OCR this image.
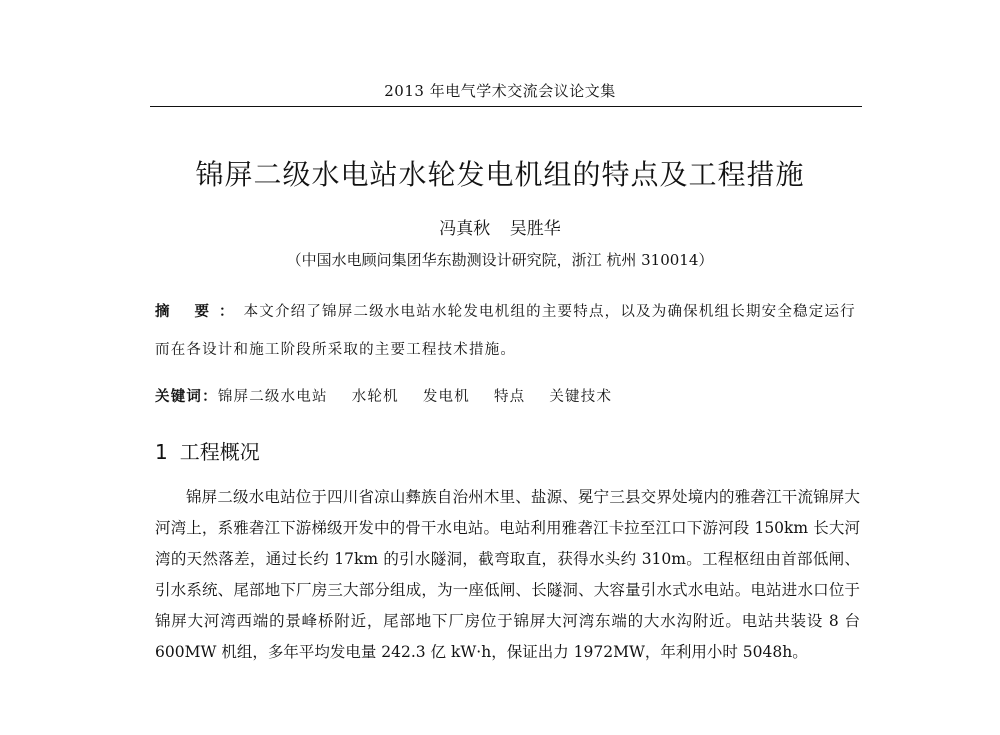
2013 年电气学术交流会议论文集
锦屏二级水电站水轮发电机组的特点及工程措施
冯真秋 吴胜华
（中国水电顾问集团华东勘测设计研究院，浙江 杭州 310014）

摘 要：本文介绍了锦屏二级水电站水轮发电机组的主要特点，以及为确保机组长期安全稳定运行而在各设计和施工阶段所采取的主要工程技术措施。

关键词：锦屏二级水电站 水轮机 发电机 特点 关键技术
1 工程概况

锦屏二级水电站位于四川省凉山彝族自治州木里、盐源、冕宁三县交界处境内的雅砻江干流锦屏大河湾上，系雅砻江下游梯级开发中的骨干水电站。电站利用雅砻江卡拉至江口下游河段 150km 长大河湾的天然落差，通过长约 17km 的引水隧洞，截弯取直，获得水头约 310m。工程枢纽由首部低闸、引水系统、尾部地下厂房三大部分组成，为一座低闸、长隧洞、大容量引水式水电站。电站进水口位于锦屏大河湾西端的景峰桥附近，尾部地下厂房位于锦屏大河湾东端的大水沟附近。电站共装设 8 台 600MW 机组，多年平均发电量 242.3 亿 kW·h，保证出力 1972MW，年利用小时 5048h。
